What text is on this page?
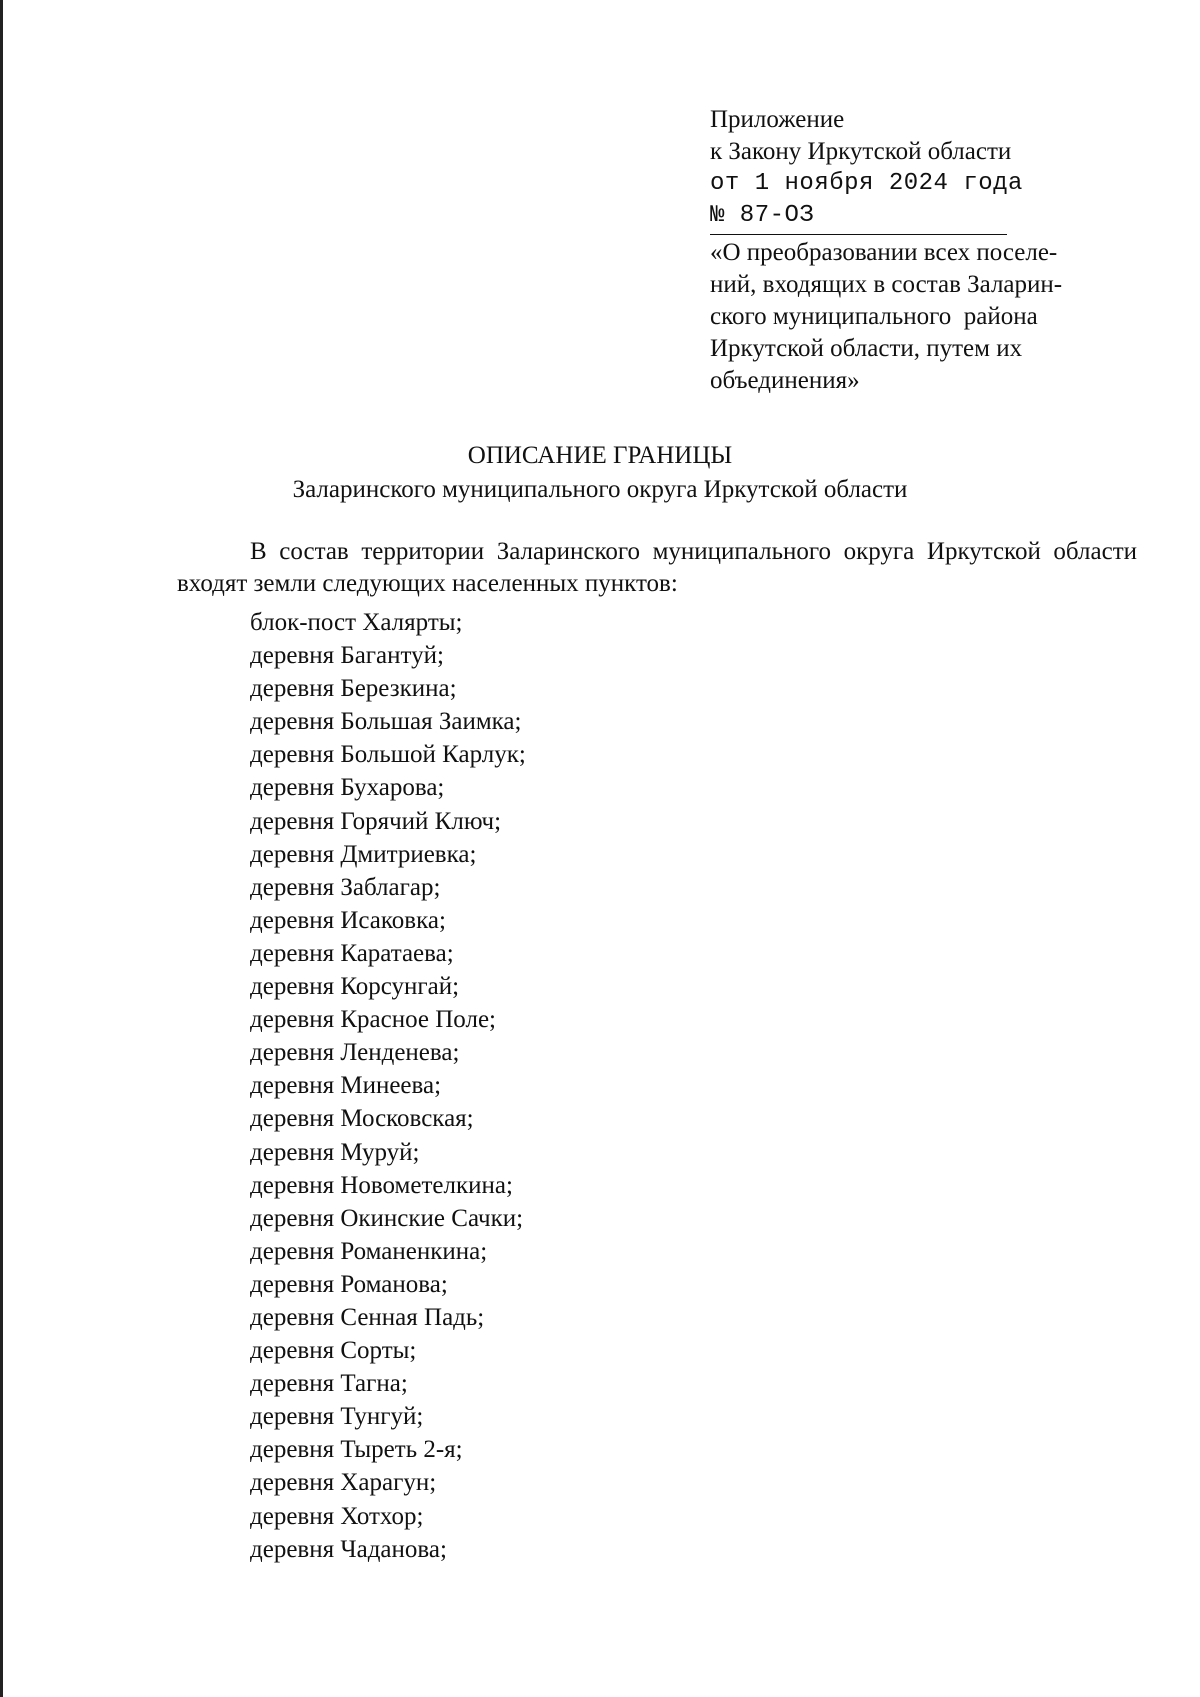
Приложение
к Закону Иркутской области
от 1 ноября 2024 года
№ 87-ОЗ
«О преобразовании всех поселе-
ний, входящих в состав Заларин-
ского муниципального  района
Иркутской области, путем их
объединения»
ОПИСАНИЕ ГРАНИЦЫ
Заларинского муниципального округа Иркутской области
В состав территории Заларинского муниципального округа Иркутской области входят земли следующих населенных пунктов:
блок-пост Халярты;
деревня Багантуй;
деревня Березкина;
деревня Большая Заимка;
деревня Большой Карлук;
деревня Бухарова;
деревня Горячий Ключ;
деревня Дмитриевка;
деревня Заблагар;
деревня Исаковка;
деревня Каратаева;
деревня Корсунгай;
деревня Красное Поле;
деревня Ленденева;
деревня Минеева;
деревня Московская;
деревня Муруй;
деревня Новометелкина;
деревня Окинские Сачки;
деревня Романенкина;
деревня Романова;
деревня Сенная Падь;
деревня Сорты;
деревня Тагна;
деревня Тунгуй;
деревня Тыреть 2-я;
деревня Харагун;
деревня Хотхор;
деревня Чаданова;
